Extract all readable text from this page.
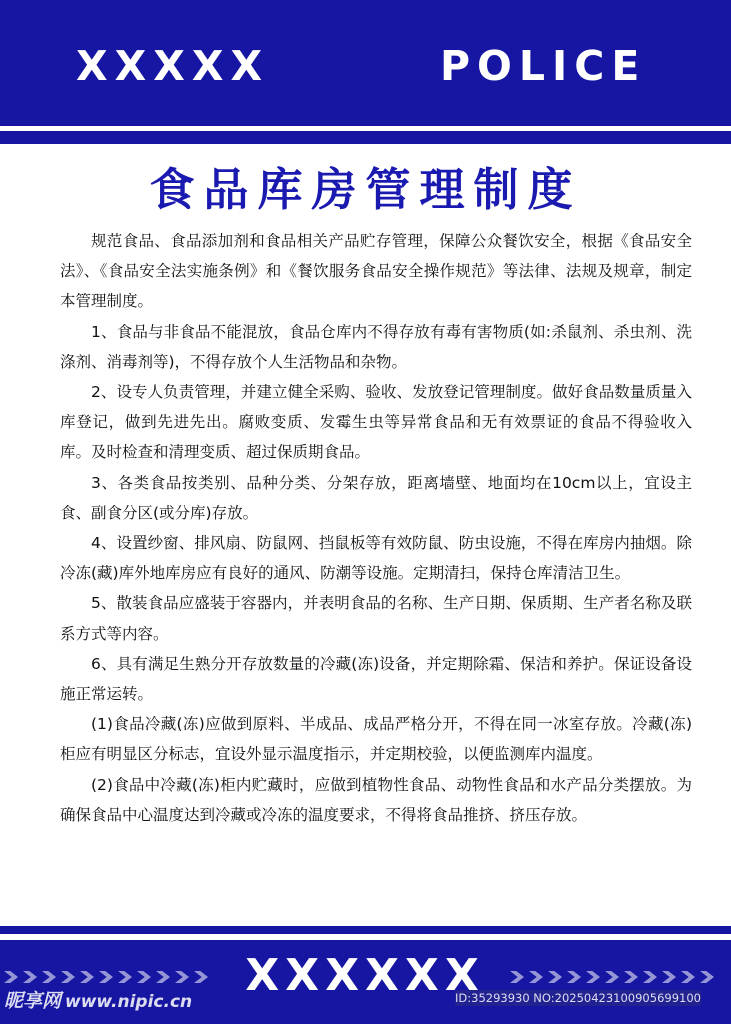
XXXXX	POLICE
食品库房管理制度

规范食品、食品添加剂和食品相关产品贮存管理，保障公众餐饮安全，根据《食品安全法》、《食品安全法实施条例》和《餐饮服务食品安全操作规范》等法律、法规及规章，制定本管理制度。

1、食品与非食品不能混放，食品仓库内不得存放有毒有害物质(如:杀鼠剂、杀虫剂、洗涤剂、消毒剂等)，不得存放个人生活物品和杂物。

2、设专人负责管理，并建立健全采购、验收、发放登记管理制度。做好食品数量质量入库登记，做到先进先出。腐败变质、发霉生虫等异常食品和无有效票证的食品不得验收入库。及时检查和清理变质、超过保质期食品。

3、各类食品按类别、品种分类、分架存放，距离墙壁、地面均在10cm以上，宜设主食、副食分区(或分库)存放。

4、设置纱窗、排风扇、防鼠网、挡鼠板等有效防鼠、防虫设施，不得在库房内抽烟。除冷冻(藏)库外地库房应有良好的通风、防潮等设施。定期清扫，保持仓库清洁卫生。

5、散装食品应盛装于容器内，并表明食品的名称、生产日期、保质期、生产者名称及联系方式等内容。

6、具有满足生熟分开存放数量的冷藏(冻)设备，并定期除霜、保洁和养护。保证设备设施正常运转。

(1)食品冷藏(冻)应做到原料、半成品、成品严格分开，不得在同一冰室存放。冷藏(冻)柜应有明显区分标志，宜设外显示温度指示，并定期校验，以便监测库内温度。

(2)食品中冷藏(冻)柜内贮藏时，应做到植物性食品、动物性食品和水产品分类摆放。为确保食品中心温度达到冷藏或冷冻的温度要求，不得将食品推挤、挤压存放。

XXXXXX
昵享网 www.nipic.cn	ID:35293930 NO:20250423100905699100
